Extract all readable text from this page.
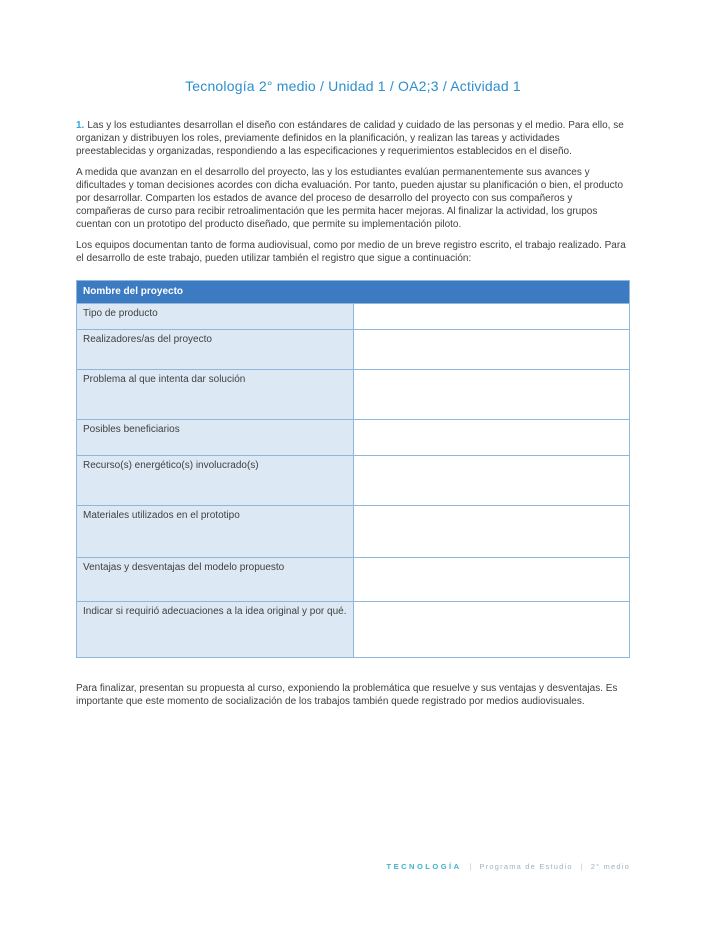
Tecnología 2° medio / Unidad 1 / OA2;3 / Actividad 1

1. Las y los estudiantes desarrollan el diseño con estándares de calidad y cuidado de las personas y el medio. Para ello, se organizan y distribuyen los roles, previamente definidos en la planificación, y realizan las tareas y actividades preestablecidas y organizadas, respondiendo a las especificaciones y requerimientos establecidos en el diseño.

A medida que avanzan en el desarrollo del proyecto, las y los estudiantes evalúan permanentemente sus avances y dificultades y toman decisiones acordes con dicha evaluación. Por tanto, pueden ajustar su planificación o bien, el producto por desarrollar. Comparten los estados de avance del proceso de desarrollo del proyecto con sus compañeros y compañeras de curso para recibir retroalimentación que les permita hacer mejoras. Al finalizar la actividad, los grupos cuentan con un prototipo del producto diseñado, que permite su implementación piloto.

Los equipos documentan tanto de forma audiovisual, como por medio de un breve registro escrito, el trabajo realizado. Para el desarrollo de este trabajo, pueden utilizar también el registro que sigue a continuación:

Nombre del proyecto	
Tipo de producto	
Realizadores/as del proyecto	
Problema al que intenta dar solución	
Posibles beneficiarios	
Recurso(s) energético(s) involucrado(s)	
Materiales utilizados en el prototipo	
Ventajas y desventajas del modelo propuesto	
Indicar si requirió adecuaciones a la idea original y por qué.	

Para finalizar, presentan su propuesta al curso, exponiendo la problemática que resuelve y sus ventajas y desventajas. Es importante que este momento de socialización de los trabajos también quede registrado por medios audiovisuales.

TECNOLOGÍA | Programa de Estudio | 2° medio
